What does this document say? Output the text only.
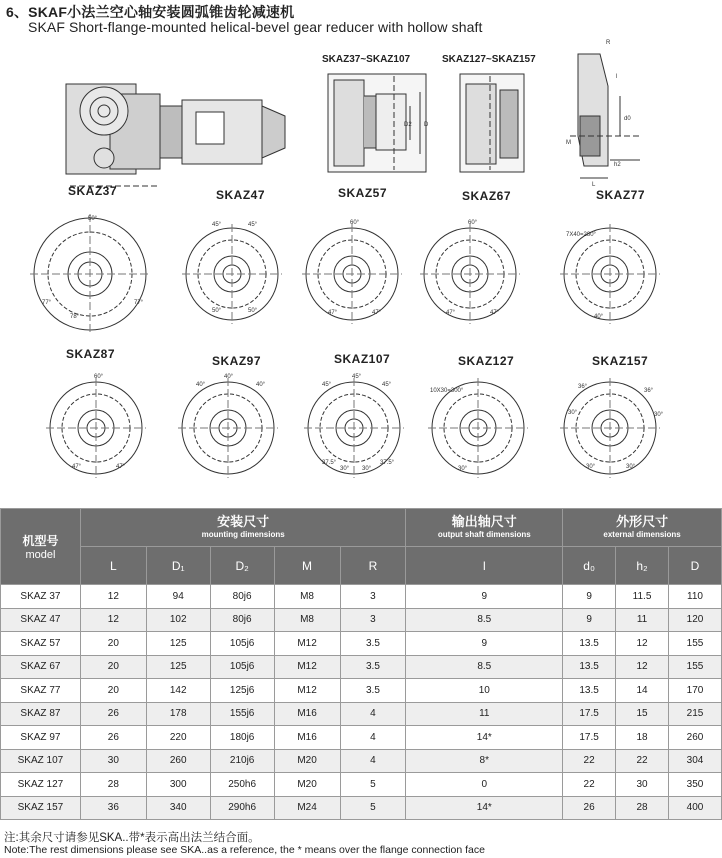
6、SKAF小法兰空心轴安装圆弧锥齿轮减速机
SKAF Short-flange-mounted helical-bevel gear reducer with hollow shaft
50°
77°	77°
78°
45°	45°
50°	50°
60°
47°	47°
60°
47°	47°
7X40=280°
40°
60°
47°	47°
40°
40°
40°	45°
45°
45°
37.5°
30° 30°
37.5°
10X30=300°
30°
30°
36°
36°
30°
30°	30°
R
l
d0
M
h2
L
D
D2
SKAZ37
SKAZ37~SKAZ107	SKAZ127~SKAZ157
SKAZ47	SKAZ57	SKAZ67	SKAZ77
SKAZ87	SKAZ97	SKAZ107	SKAZ127	SKAZ157
机型号
model	安装尺寸
mounting dimensions					输出轴尺寸
output shaft dimensions	外形尺寸
external dimensions		

	L	D₁	D₂	M	R	l	d₀	h₂	D
SKAZ 37	12	94	80j6	M8	3	9	9	11.5	110
SKAZ 47	12	102	80j6	M8	3	8.5	9	11	120
SKAZ 57	20	125	105j6	M12	3.5	9	13.5	12	155
SKAZ 67	20	125	105j6	M12	3.5	8.5	13.5	12	155
SKAZ 77	20	142	125j6	M12	3.5	10	13.5	14	170
SKAZ 87	26	178	155j6	M16	4	11	17.5	15	215
SKAZ 97	26	220	180j6	M16	4	14*	17.5	18	260
SKAZ 107	30	260	210j6	M20	4	8*	22	22	304
SKAZ 127	28	300	250h6	M20	5	0	22	30	350
SKAZ 157	36	340	290h6	M24	5	14*	26	28	400
注:其余尺寸请参见SKA..带*表示高出法兰结合面。
Note:The rest dimensions please see SKA..as a reference, the * means over the flange connection face
